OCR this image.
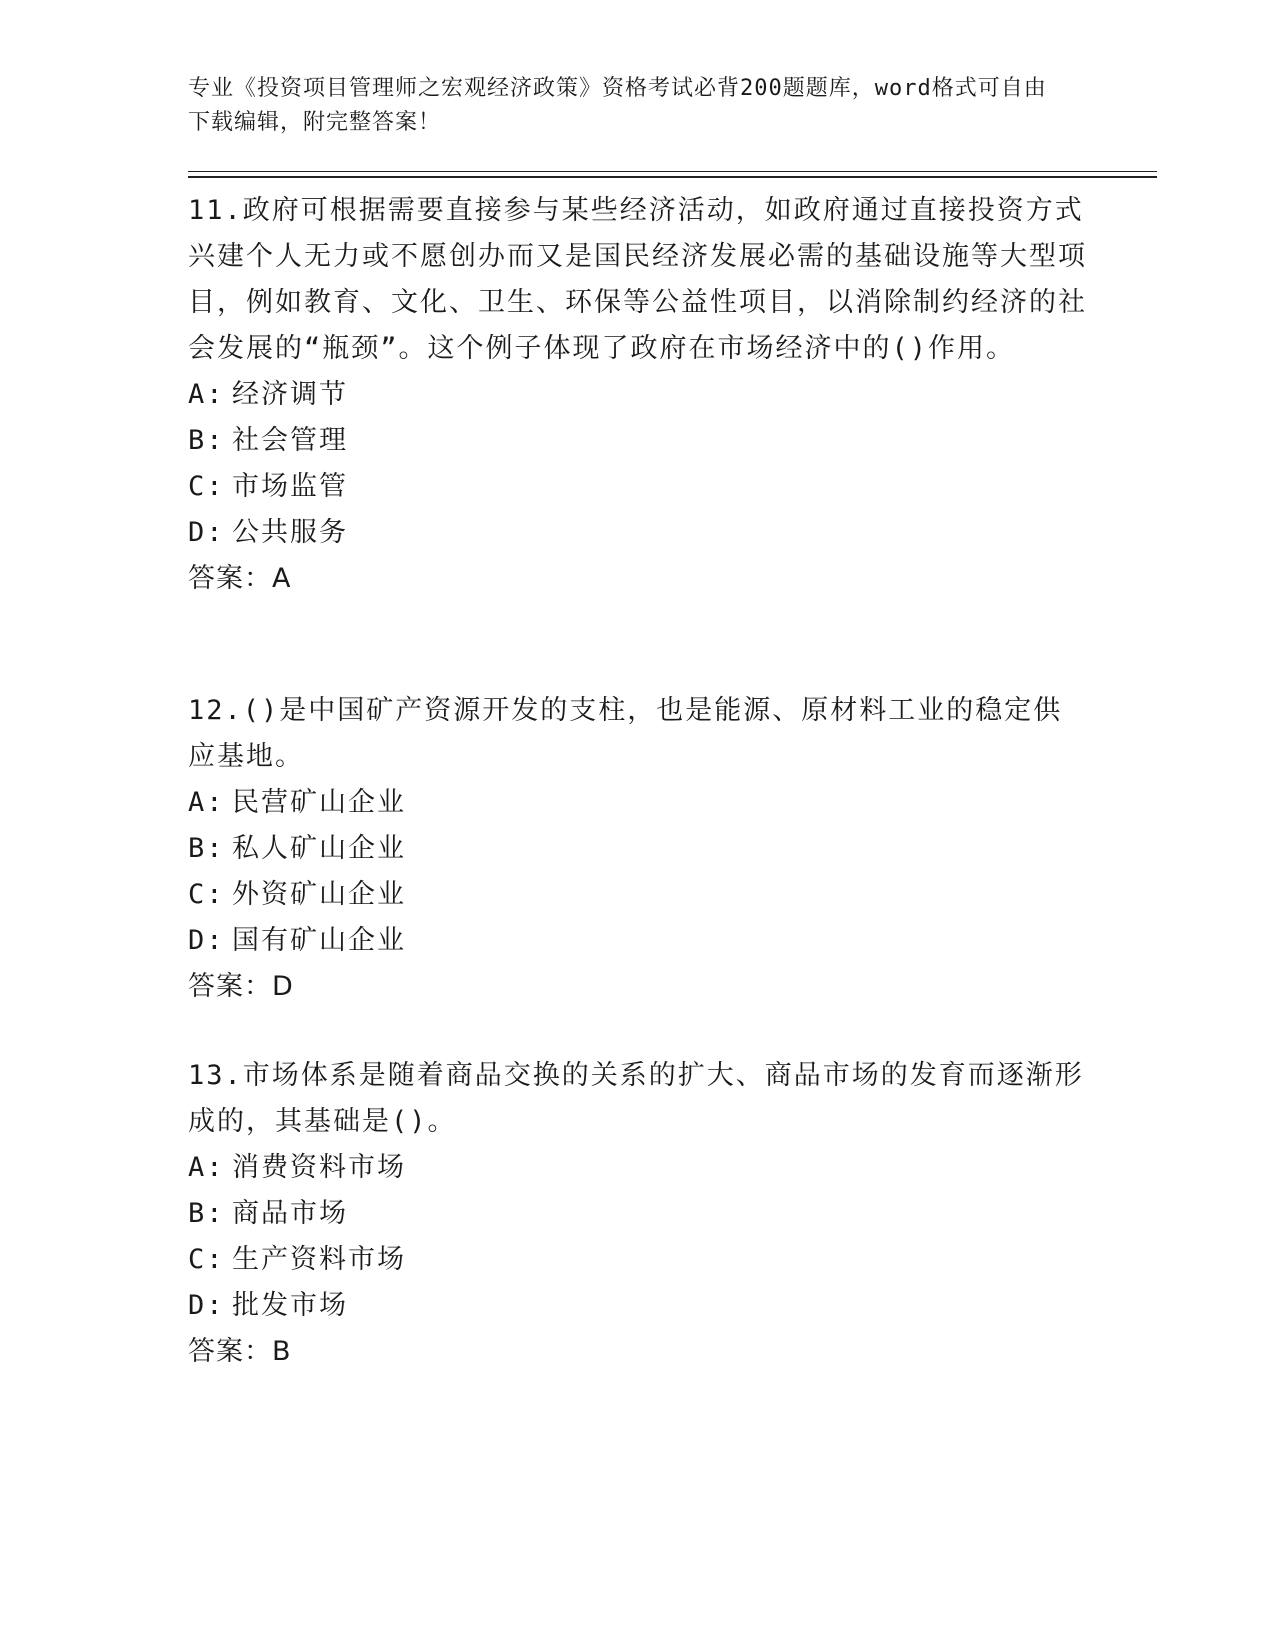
专业《投资项目管理师之宏观经济政策》资格考试必背200题题库，word格式可自由下载编辑，附完整答案！

11.政府可根据需要直接参与某些经济活动，如政府通过直接投资方式兴建个人无力或不愿创办而又是国民经济发展必需的基础设施等大型项目，例如教育、文化、卫生、环保等公益性项目，以消除制约经济的社会发展的“瓶颈”。这个例子体现了政府在市场经济中的()作用。

A: 经济调节

B: 社会管理

C: 市场监管

D: 公共服务

答案：A

12.()是中国矿产资源开发的支柱，也是能源、原材料工业的稳定供应基地。

A: 民营矿山企业

B: 私人矿山企业

C: 外资矿山企业

D: 国有矿山企业

答案：D

13.市场体系是随着商品交换的关系的扩大、商品市场的发育而逐渐形成的，其基础是()。

A: 消费资料市场

B: 商品市场

C: 生产资料市场

D: 批发市场

答案：B
